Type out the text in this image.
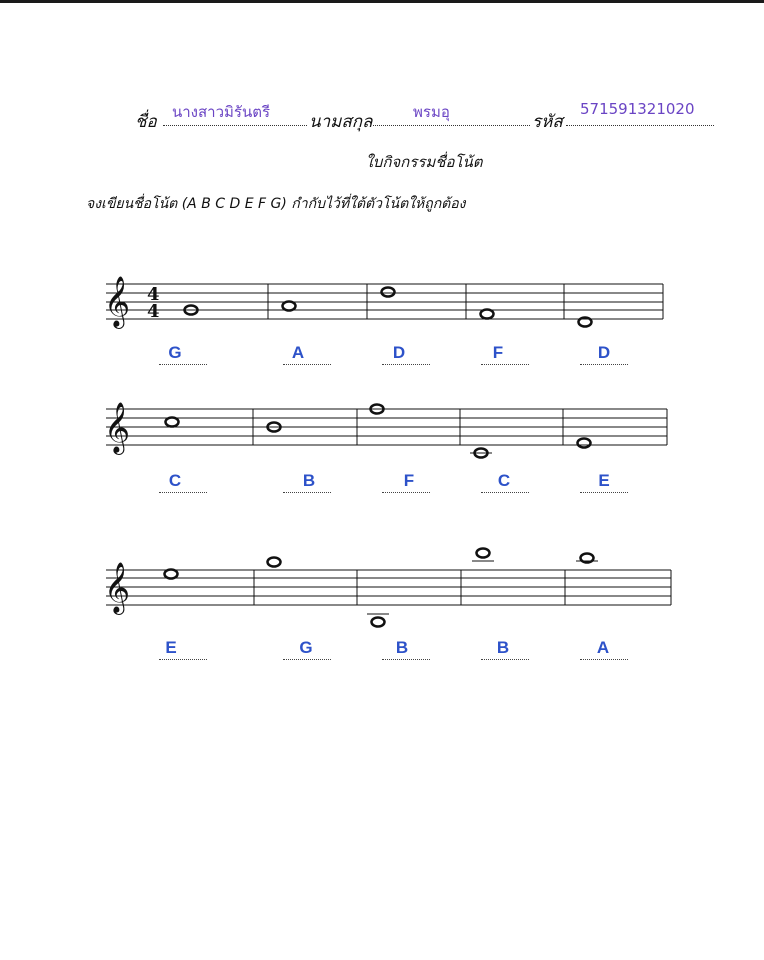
ชื่อ นางสาวมิรันตรี นามสกุล	พรมอุ	รหัส
571591321020
ใบกิจกรรมชื่อโน้ต
จงเขียนชื่อโน้ต (A B C D E F G) กำกับไว้ที่ใต้ตัวโน้ตให้ถูกต้อง
𝄞 4
4
𝄞
𝄞
G	A	D	F	D
C	B	F	C	E
E	G	B	B	A
